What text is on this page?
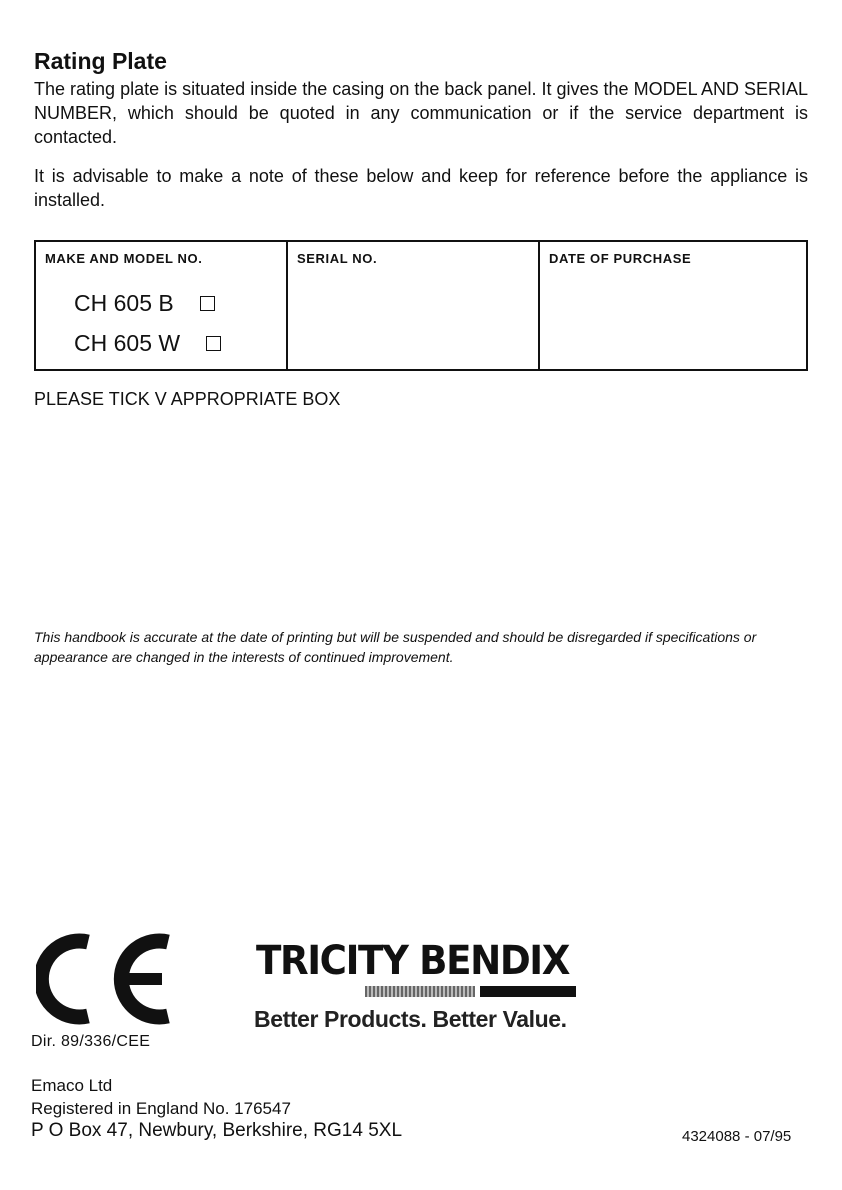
Rating Plate

The rating plate is situated inside the casing on the back panel. It gives the MODEL AND SERIAL NUMBER, which should be quoted in any communication or if the service department is contacted.

It is advisable to make a note of these below and keep for reference before the appliance is installed.

MAKE AND MODEL NO.
CH 605 B
CH 605 W
SERIAL NO.	DATE OF PURCHASE
PLEASE TICK V APPROPRIATE BOX

This handbook is accurate at the date of printing but will be suspended and should be disregarded if specifications or appearance are changed in the interests of continued improvement.

Dir. 89/336/CEE
TRICITY BENDIX
Better Products. Better Value.
Emaco Ltd
Registered in England No. 176547
P O Box 47, Newbury, Berkshire, RG14 5XL	4324088 - 07/95
